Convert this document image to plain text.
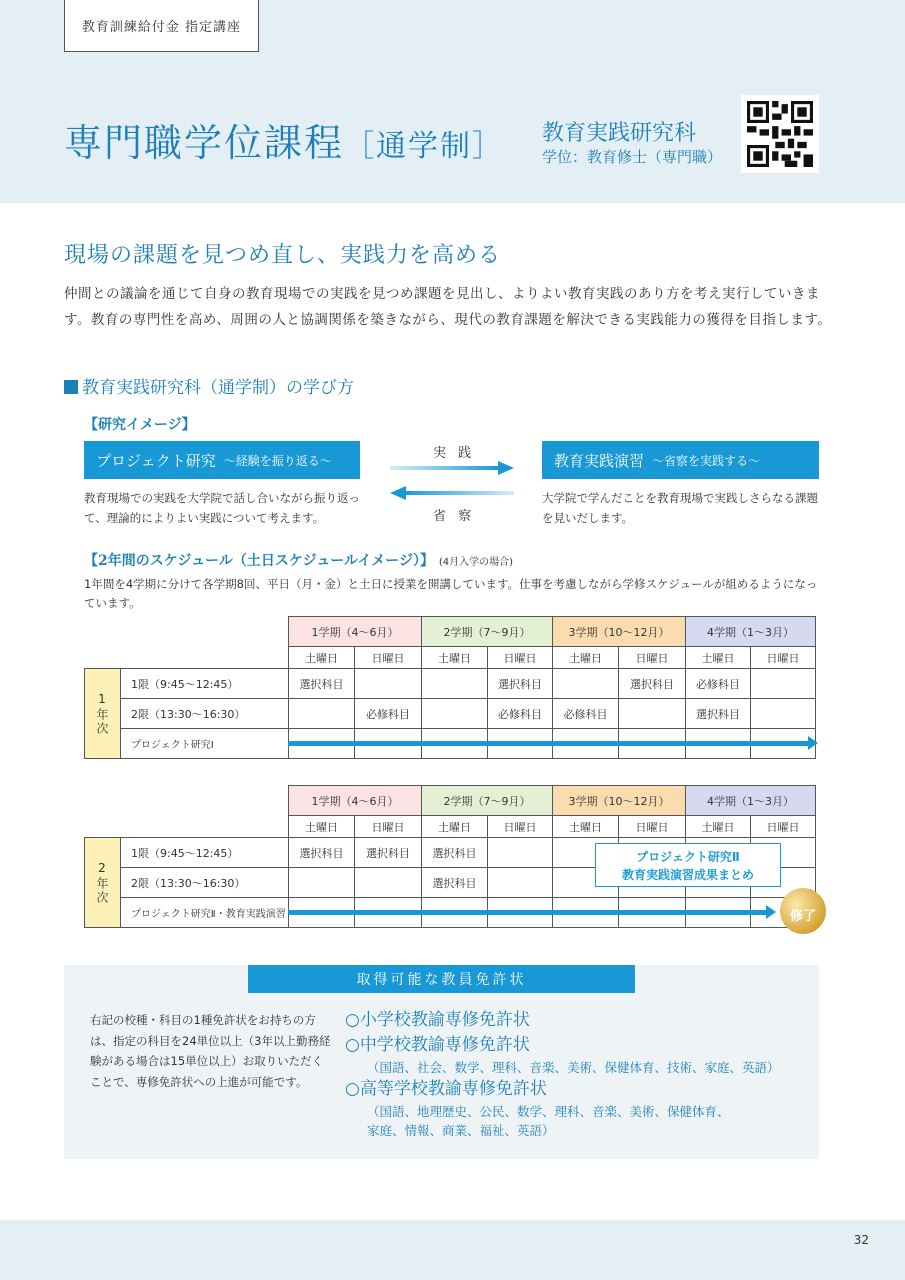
教育訓練給付金 指定講座
専門職学位課程［通学制］ 教育実践研究科
学位：教育修士（専門職）
現場の課題を見つめ直し、実践力を高める

仲間との議論を通じて自身の教育現場での実践を見つめ課題を見出し、よりよい教育実践のあり方を考え実行していきます。教育の専門性を高め、周囲の人と協調関係を築きながら、現代の教育課題を解決できる実践能力の獲得を目指します。

教育実践研究科（通学制）の学び方
【研究イメージ】
プロジェクト研究 ～経験を振り返る～
教育現場での実践を大学院で話し合いながら振り返って、理論的によりよい実践について考えます。
実 践
省 察
教育実践演習 ～省察を実践する～
大学院で学んだことを教育現場で実践しさらなる課題を見いだします。
【2年間のスケジュール（土日スケジュールイメージ）】 (4月入学の場合)

1年間を4学期に分けて各学期8回、平日（月・金）と土日に授業を開講しています。仕事を考慮しながら学修スケジュールが組めるようになっています。

		1学期（4～6月）		2学期（7～9月）		3学期（10～12月）		4学期（1～3月）	
		土曜日	日曜日	土曜日	日曜日	土曜日	日曜日	土曜日	日曜日
1年次	1限（9:45～12:45）	選択科目			選択科目		選択科目	必修科目	
	2限（13:30～16:30）		必修科目		必修科目	必修科目		選択科目	
	プロジェクト研究Ⅰ								
		1学期（4～6月）		2学期（7～9月）		3学期（10～12月）		4学期（1～3月）	
		土曜日	日曜日	土曜日	日曜日	土曜日	日曜日	土曜日	日曜日
2年次	1限（9:45～12:45）	選択科目	選択科目	選択科目					
	2限（13:30～16:30）			選択科目					
	プロジェクト研究Ⅱ・教育実践演習								
プロジェクト研究Ⅱ
教育実践演習成果まとめ
修了
取得可能な教員免許状

右記の校種・科目の1種免許状をお持ちの方は、指定の科目を24単位以上（3年以上勤務経験がある場合は15単位以上）お取りいただくことで、専修免許状への上進が可能です。

○小学校教諭専修免許状
○中学校教諭専修免許状
（国語、社会、数学、理科、音楽、美術、保健体育、技術、家庭、英語）
○高等学校教諭専修免許状
（国語、地理歴史、公民、数学、理科、音楽、美術、保健体育、
家庭、情報、商業、福祉、英語）
32
